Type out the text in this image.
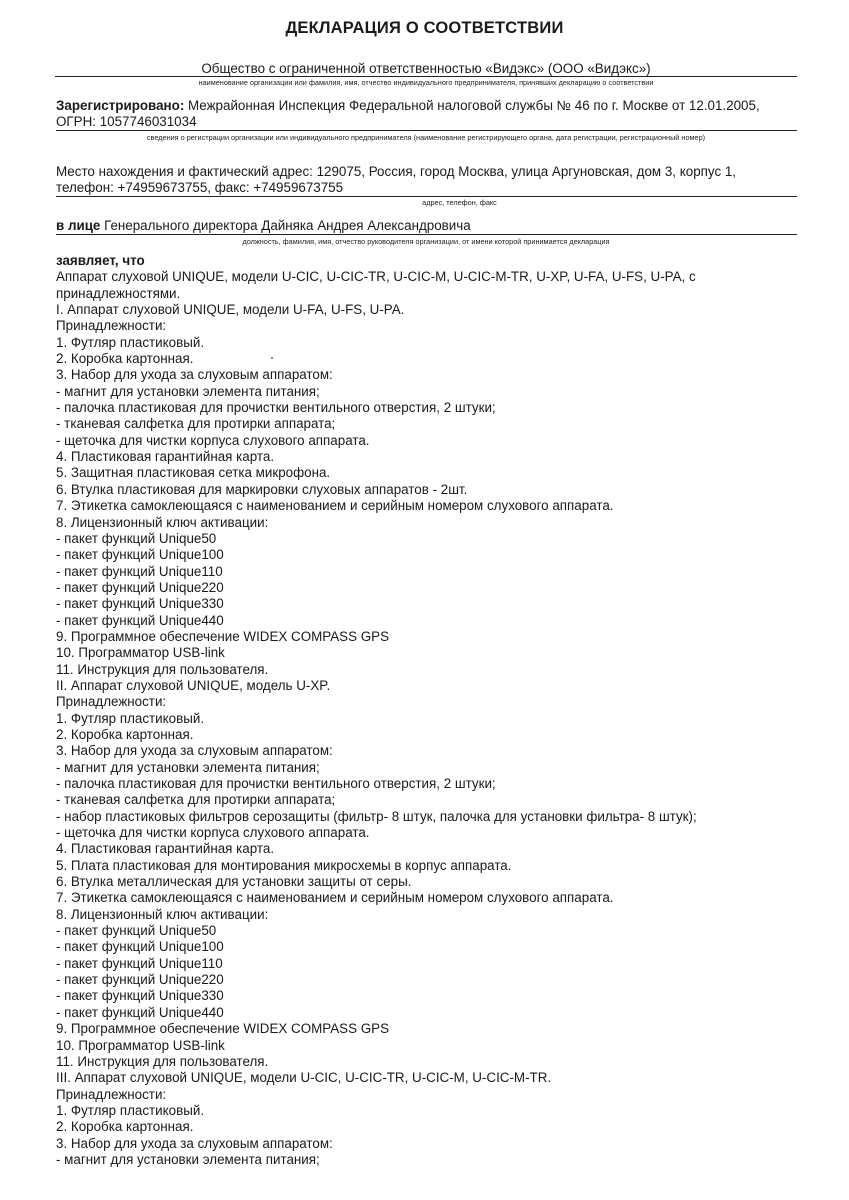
ДЕКЛАРАЦИЯ О СООТВЕТСТВИИ
Общество с ограниченной ответственностью «Видэкс» (ООО «Видэкс»)
наименование организации или фамилия, имя, отчество индивидуального предпринимателя, принявших декларацию о соответствии
Зарегистрировано: Межрайонная Инспекция Федеральной налоговой службы № 46 по г. Москве от 12.01.2005, ОГРН: 1057746031034
сведения о регистрации организации или индивидуального предпринимателя (наименование регистрирующего органа, дата регистрации, регистрационный номер)
Место нахождения и фактический адрес: 129075, Россия, город Москва, улица Аргуновская, дом 3, корпус 1, телефон: +74959673755, факс: +74959673755
адрес, телефон, факс
в лице Генерального директора Дайняка Андрея Александровича
должность, фамилия, имя, отчество руководителя организации, от имени которой принимается декларация
заявляет, что
Аппарат слуховой UNIQUE, модели U-CIC, U-CIC-TR, U-CIC-M, U-CIC-M-TR, U-XP, U-FA, U-FS, U-PA, с принадлежностями.
I. Аппарат слуховой UNIQUE, модели U-FA, U-FS, U-PA.
Принадлежности:
1. Футляр пластиковый.
2. Коробка картонная.
3. Набор для ухода за слуховым аппаратом:
- магнит для установки элемента питания;
- палочка пластиковая для прочистки вентильного отверстия, 2 штуки;
- тканевая салфетка для протирки аппарата;
- щеточка для чистки корпуса слухового аппарата.
4. Пластиковая гарантийная карта.
5. Защитная пластиковая сетка микрофона.
6. Втулка пластиковая для маркировки слуховых аппаратов - 2шт.
7. Этикетка самоклеющаяся с наименованием и серийным номером слухового аппарата.
8. Лицензионный ключ активации:
- пакет функций Unique50
- пакет функций Unique100
- пакет функций Unique110
- пакет функций Unique220
- пакет функций Unique330
- пакет функций Unique440
9. Программное обеспечение WIDEX COMPASS GPS
10. Программатор USB-link
11. Инструкция для пользователя.
II. Аппарат слуховой UNIQUE, модель U-XP.
Принадлежности:
1. Футляр пластиковый.
2. Коробка картонная.
3. Набор для ухода за слуховым аппаратом:
- магнит для установки элемента питания;
- палочка пластиковая для прочистки вентильного отверстия, 2 штуки;
- тканевая салфетка для протирки аппарата;
- набор пластиковых фильтров серозащиты (фильтр- 8 штук, палочка для установки фильтра- 8 штук);
- щеточка для чистки корпуса слухового аппарата.
4. Пластиковая гарантийная карта.
5. Плата пластиковая для монтирования микросхемы в корпус аппарата.
6. Втулка металлическая для установки защиты от серы.
7. Этикетка самоклеющаяся с наименованием и серийным номером слухового аппарата.
8. Лицензионный ключ активации:
- пакет функций Unique50
- пакет функций Unique100
- пакет функций Unique110
- пакет функций Unique220
- пакет функций Unique330
- пакет функций Unique440
9. Программное обеспечение WIDEX COMPASS GPS
10. Программатор USB-link
11. Инструкция для пользователя.
III. Аппарат слуховой UNIQUE, модели U-CIC, U-CIC-TR, U-CIC-M, U-CIC-M-TR.
Принадлежности:
1. Футляр пластиковый.
2. Коробка картонная.
3. Набор для ухода за слуховым аппаратом:
- магнит для установки элемента питания;
